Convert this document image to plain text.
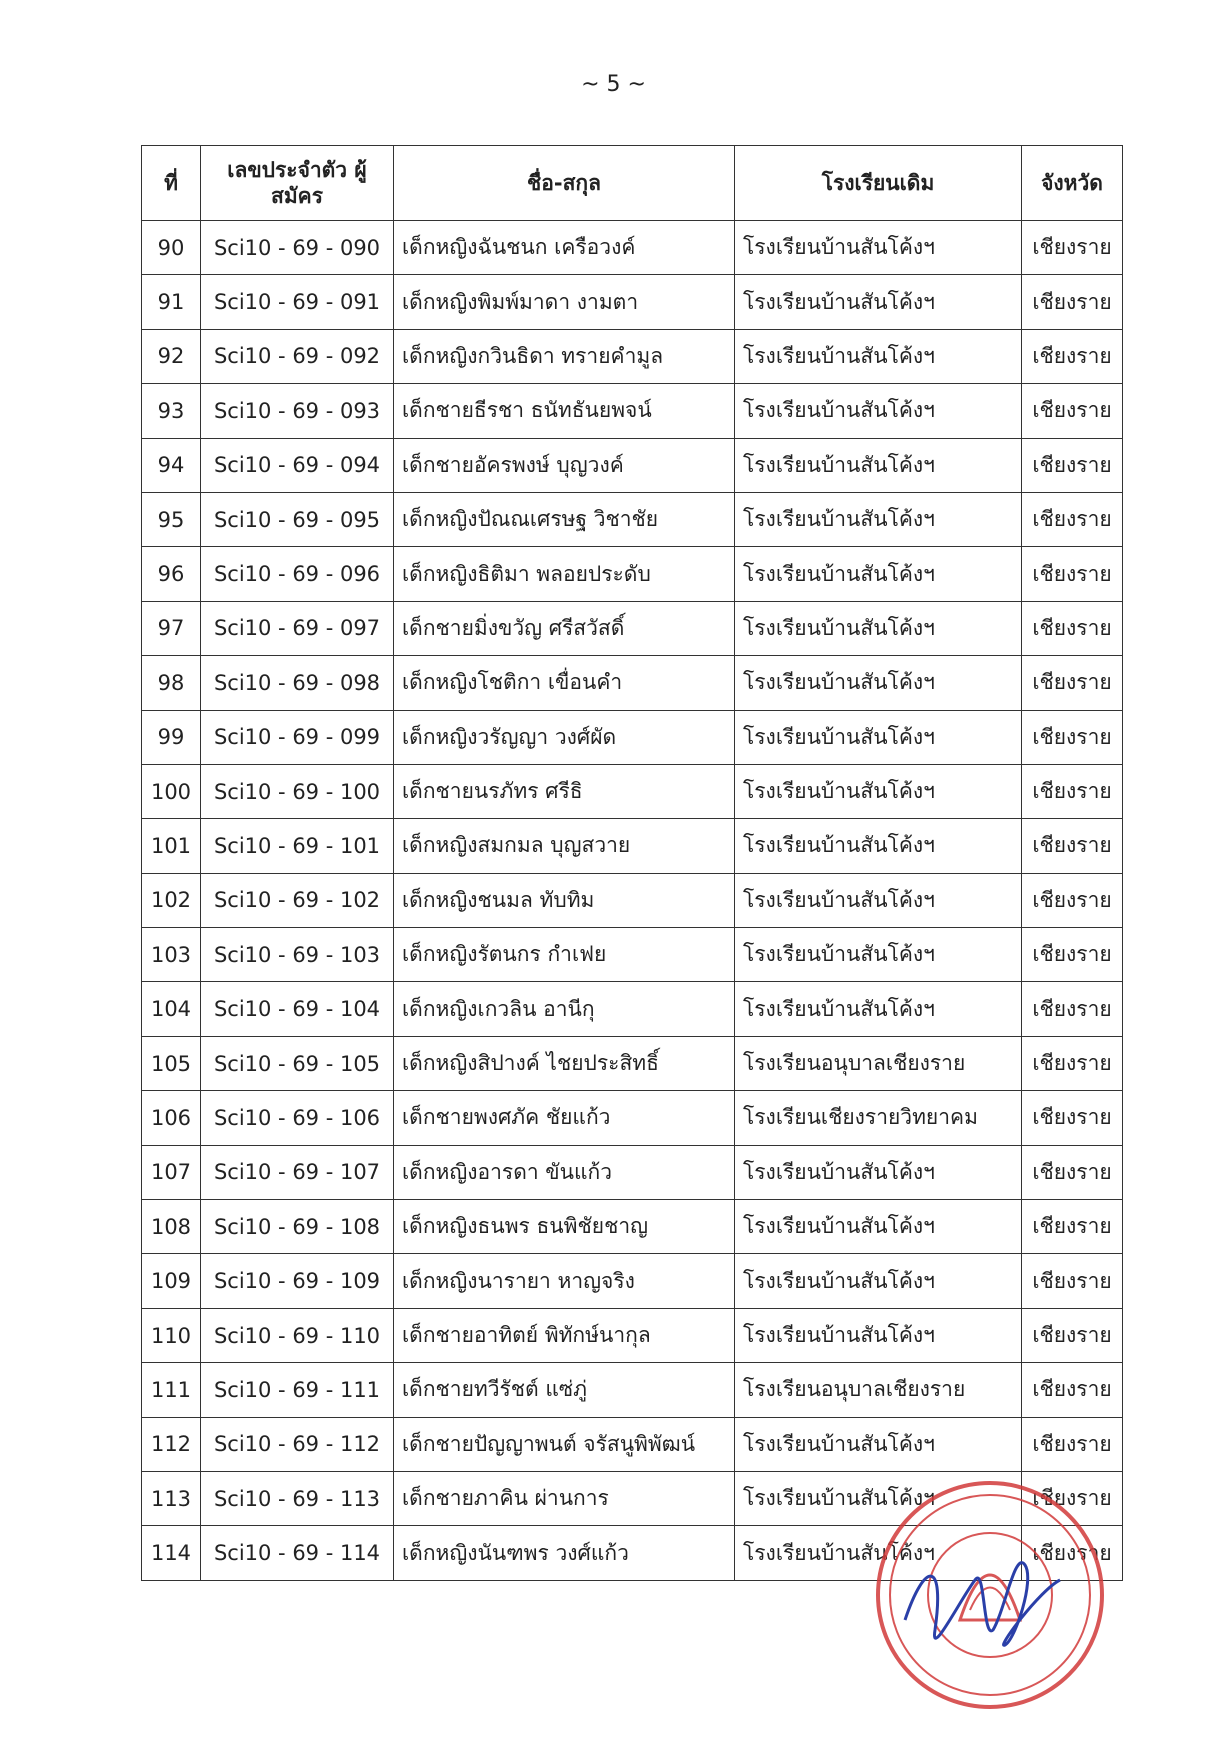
~ 5 ~
ที่	เลขประจำตัว ผู้สมัคร	ชื่อ-สกุล	โรงเรียนเดิม	จังหวัด
90	Sci10 - 69 - 090	เด็กหญิงฉันชนก เครือวงค์	โรงเรียนบ้านสันโค้งฯ	เชียงราย
91	Sci10 - 69 - 091	เด็กหญิงพิมพ์มาดา งามตา	โรงเรียนบ้านสันโค้งฯ	เชียงราย
92	Sci10 - 69 - 092	เด็กหญิงกวินธิดา ทรายคำมูล	โรงเรียนบ้านสันโค้งฯ	เชียงราย
93	Sci10 - 69 - 093	เด็กชายธีรชา ธนัทธันยพจน์	โรงเรียนบ้านสันโค้งฯ	เชียงราย
94	Sci10 - 69 - 094	เด็กชายอัครพงษ์ บุญวงค์	โรงเรียนบ้านสันโค้งฯ	เชียงราย
95	Sci10 - 69 - 095	เด็กหญิงปัณณเศรษฐ วิชาชัย	โรงเรียนบ้านสันโค้งฯ	เชียงราย
96	Sci10 - 69 - 096	เด็กหญิงธิติมา พลอยประดับ	โรงเรียนบ้านสันโค้งฯ	เชียงราย
97	Sci10 - 69 - 097	เด็กชายมิ่งขวัญ ศรีสวัสดิ์	โรงเรียนบ้านสันโค้งฯ	เชียงราย
98	Sci10 - 69 - 098	เด็กหญิงโชติกา เขื่อนคำ	โรงเรียนบ้านสันโค้งฯ	เชียงราย
99	Sci10 - 69 - 099	เด็กหญิงวรัญญา วงศ์ผัด	โรงเรียนบ้านสันโค้งฯ	เชียงราย
100	Sci10 - 69 - 100	เด็กชายนรภัทร ศรีธิ	โรงเรียนบ้านสันโค้งฯ	เชียงราย
101	Sci10 - 69 - 101	เด็กหญิงสมกมล บุญสวาย	โรงเรียนบ้านสันโค้งฯ	เชียงราย
102	Sci10 - 69 - 102	เด็กหญิงชนมล ทับทิม	โรงเรียนบ้านสันโค้งฯ	เชียงราย
103	Sci10 - 69 - 103	เด็กหญิงรัตนกร กำเฟย	โรงเรียนบ้านสันโค้งฯ	เชียงราย
104	Sci10 - 69 - 104	เด็กหญิงเกวลิน อานีกุ	โรงเรียนบ้านสันโค้งฯ	เชียงราย
105	Sci10 - 69 - 105	เด็กหญิงสิปางค์ ไชยประสิทธิ์	โรงเรียนอนุบาลเชียงราย	เชียงราย
106	Sci10 - 69 - 106	เด็กชายพงศภัค ชัยแก้ว	โรงเรียนเชียงรายวิทยาคม	เชียงราย
107	Sci10 - 69 - 107	เด็กหญิงอารดา ขันแก้ว	โรงเรียนบ้านสันโค้งฯ	เชียงราย
108	Sci10 - 69 - 108	เด็กหญิงธนพร ธนพิชัยชาญ	โรงเรียนบ้านสันโค้งฯ	เชียงราย
109	Sci10 - 69 - 109	เด็กหญิงนารายา หาญจริง	โรงเรียนบ้านสันโค้งฯ	เชียงราย
110	Sci10 - 69 - 110	เด็กชายอาทิตย์ พิทักษ์นากุล	โรงเรียนบ้านสันโค้งฯ	เชียงราย
111	Sci10 - 69 - 111	เด็กชายทวีรัชต์ แซ่ภู่	โรงเรียนอนุบาลเชียงราย	เชียงราย
112	Sci10 - 69 - 112	เด็กชายปัญญาพนต์ จรัสนูพิพัฒน์	โรงเรียนบ้านสันโค้งฯ	เชียงราย
113	Sci10 - 69 - 113	เด็กชายภาคิน ผ่านการ	โรงเรียนบ้านสันโค้งฯ	เชียงราย
114	Sci10 - 69 - 114	เด็กหญิงนันฑพร วงศ์แก้ว	โรงเรียนบ้านสันโค้งฯ	เชียงราย
